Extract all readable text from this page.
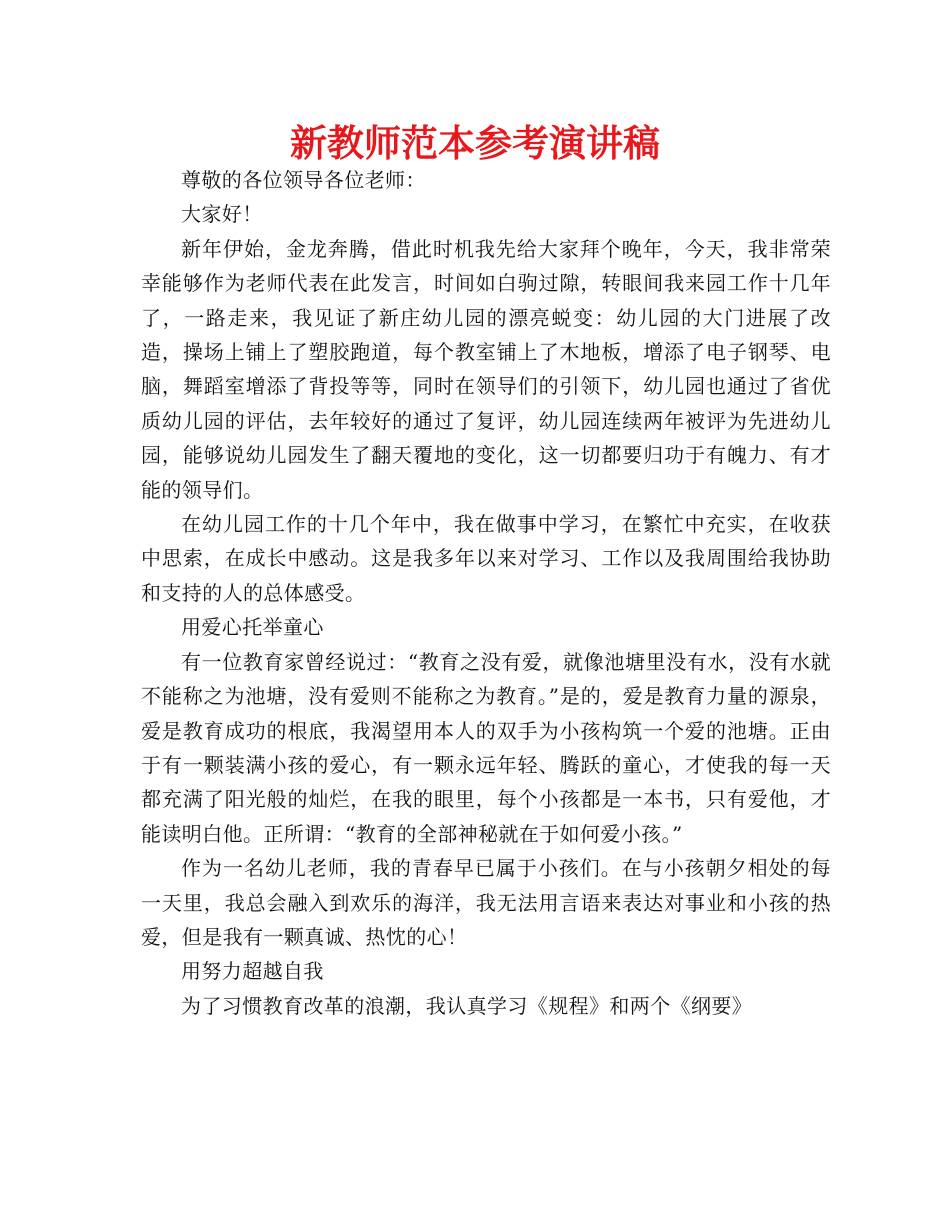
新教师范本参考演讲稿

尊敬的各位领导各位老师：

大家好！

新年伊始，金龙奔腾，借此时机我先给大家拜个晚年，今天，我非常荣幸能够作为老师代表在此发言，时间如白驹过隙，转眼间我来园工作十几年了，一路走来，我见证了新庄幼儿园的漂亮蜕变：幼儿园的大门进展了改造，操场上铺上了塑胶跑道，每个教室铺上了木地板，增添了电子钢琴、电脑，舞蹈室增添了背投等等，同时在领导们的引领下，幼儿园也通过了省优质幼儿园的评估，去年较好的通过了复评，幼儿园连续两年被评为先进幼儿园，能够说幼儿园发生了翻天覆地的变化，这一切都要归功于有魄力、有才能的领导们。

在幼儿园工作的十几个年中，我在做事中学习，在繁忙中充实，在收获中思索，在成长中感动。这是我多年以来对学习、工作以及我周围给我协助和支持的人的总体感受。

用爱心托举童心

有一位教育家曾经说过：“教育之没有爱，就像池塘里没有水，没有水就不能称之为池塘，没有爱则不能称之为教育。”是的，爱是教育力量的源泉，爱是教育成功的根底，我渴望用本人的双手为小孩构筑一个爱的池塘。正由于有一颗装满小孩的爱心，有一颗永远年轻、腾跃的童心，才使我的每一天都充满了阳光般的灿烂，在我的眼里，每个小孩都是一本书，只有爱他，才能读明白他。正所谓：“教育的全部神秘就在于如何爱小孩。”

作为一名幼儿老师，我的青春早已属于小孩们。在与小孩朝夕相处的每一天里，我总会融入到欢乐的海洋，我无法用言语来表达对事业和小孩的热爱，但是我有一颗真诚、热忱的心！

用努力超越自我

为了习惯教育改革的浪潮，我认真学习《规程》和两个《纲要》
